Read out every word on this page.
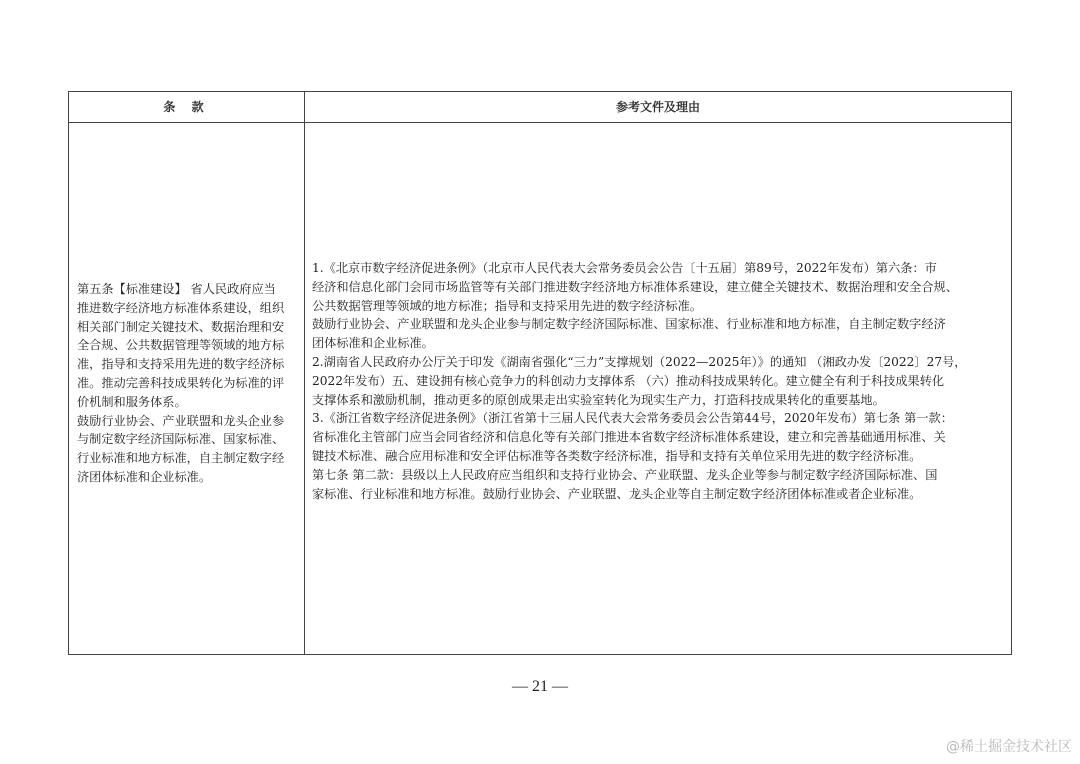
条 款	参考文件及理由
第五条【标准建设】 省人民政府应当
推进数字经济地方标准体系建设，组织
相关部门制定关键技术、数据治理和安
全合规、公共数据管理等领域的地方标
准，指导和支持采用先进的数字经济标
准。推动完善科技成果转化为标准的评
价机制和服务体系。
鼓励行业协会、产业联盟和龙头企业参
与制定数字经济国际标准、国家标准、
行业标准和地方标准，自主制定数字经
济团体标准和企业标准。
1.《北京市数字经济促进条例》（北京市人民代表大会常务委员会公告〔十五届〕第89号，2022年发布）第六条：市
经济和信息化部门会同市场监管等有关部门推进数字经济地方标准体系建设，建立健全关键技术、数据治理和安全合规、
公共数据管理等领域的地方标准；指导和支持采用先进的数字经济标准。
鼓励行业协会、产业联盟和龙头企业参与制定数字经济国际标准、国家标准、行业标准和地方标准，自主制定数字经济
团体标准和企业标准。
2.湖南省人民政府办公厅关于印发《湖南省强化“三力”支撑规划（2022—2025年）》的通知 （湘政办发〔2022〕27号，
2022年发布）五、建设拥有核心竞争力的科创动力支撑体系 （六）推动科技成果转化。建立健全有利于科技成果转化
支撑体系和激励机制，推动更多的原创成果走出实验室转化为现实生产力，打造科技成果转化的重要基地。
3.《浙江省数字经济促进条例》（浙江省第十三届人民代表大会常务委员会公告第44号，2020年发布）第七条 第一款：
省标准化主管部门应当会同省经济和信息化等有关部门推进本省数字经济标准体系建设，建立和完善基础通用标准、关
键技术标准、融合应用标准和安全评估标准等各类数字经济标准，指导和支持有关单位采用先进的数字经济标准。
第七条 第二款：县级以上人民政府应当组织和支持行业协会、产业联盟、龙头企业等参与制定数字经济国际标准、国
家标准、行业标准和地方标准。鼓励行业协会、产业联盟、龙头企业等自主制定数字经济团体标准或者企业标准。
— 21 —
@稀土掘金技术社区
